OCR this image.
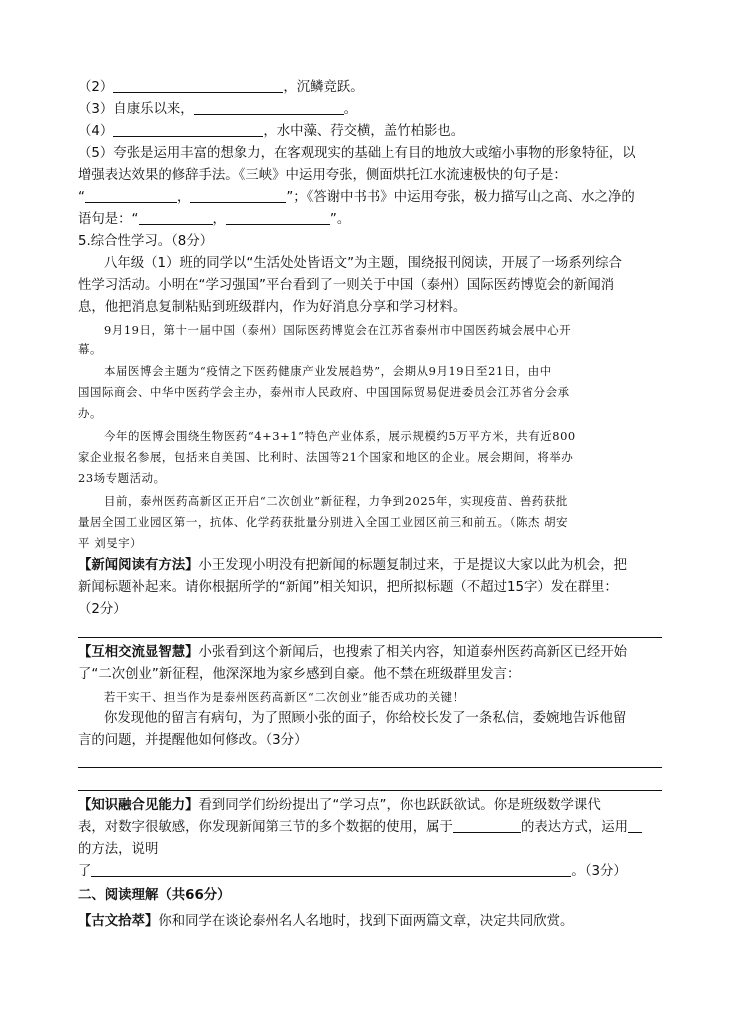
（2）	，沉鳞竞跃。
（3）自康乐以来，	。
（4）	，水中藻、荇交横，盖竹柏影也。
（5）夸张是运用丰富的想象力，在客观现实的基础上有目的地放大或缩小事物的形象特征，以
增强表达效果的修辞手法。《三峡》中运用夸张，侧面烘托江水流速极快的句子是：
“	，	”；《答谢中书书》中运用夸张，极力描写山之高、水之净的
语句是：“	，	”。
5.综合性学习。（8分）
八年级（1）班的同学以“生活处处皆语文”为主题，围绕报刊阅读，开展了一场系列综合
性学习活动。小明在“学习强国”平台看到了一则关于中国（泰州）国际医药博览会的新闻消
息，他把消息复制粘贴到班级群内，作为好消息分享和学习材料。
9月19日，第十一届中国（泰州）国际医药博览会在江苏省泰州市中国医药城会展中心开
幕。
本届医博会主题为“疫情之下医药健康产业发展趋势”，会期从9月19日至21日，由中
国国际商会、中华中医药学会主办，泰州市人民政府、中国国际贸易促进委员会江苏省分会承
办。
今年的医博会围绕生物医药“4+3+1”特色产业体系，展示规模约5万平方米，共有近800
家企业报名参展，包括来自美国、比利时、法国等21个国家和地区的企业。展会期间，将举办
23场专题活动。
目前，泰州医药高新区正开启“二次创业”新征程，力争到2025年，实现疫苗、兽药获批
量居全国工业园区第一，抗体、化学药获批量分别进入全国工业园区前三和前五。（陈杰 胡安
平 刘旻宇）
【新闻阅读有方法】小王发现小明没有把新闻的标题复制过来，于是提议大家以此为机会，把
新闻标题补起来。请你根据所学的“新闻”相关知识，把所拟标题（不超过15字）发在群里：
（2分）
【互相交流显智慧】小张看到这个新闻后，也搜索了相关内容，知道泰州医药高新区已经开始
了“二次创业”新征程，他深深地为家乡感到自豪。他不禁在班级群里发言：
若干实干、担当作为是泰州医药高新区“二次创业”能否成功的关键！
你发现他的留言有病句，为了照顾小张的面子，你给校长发了一条私信，委婉地告诉他留
言的问题，并提醒他如何修改。（3分）
【知识融合见能力】看到同学们纷纷提出了“学习点”，你也跃跃欲试。你是班级数学课代
表，对数字很敏感，你发现新闻第三节的多个数据的使用，属于	的表达方式，运用
的方法，说明
了	。（3分）
二、阅读理解（共66分）
【古文拾萃】你和同学在谈论泰州名人名地时，找到下面两篇文章，决定共同欣赏。
